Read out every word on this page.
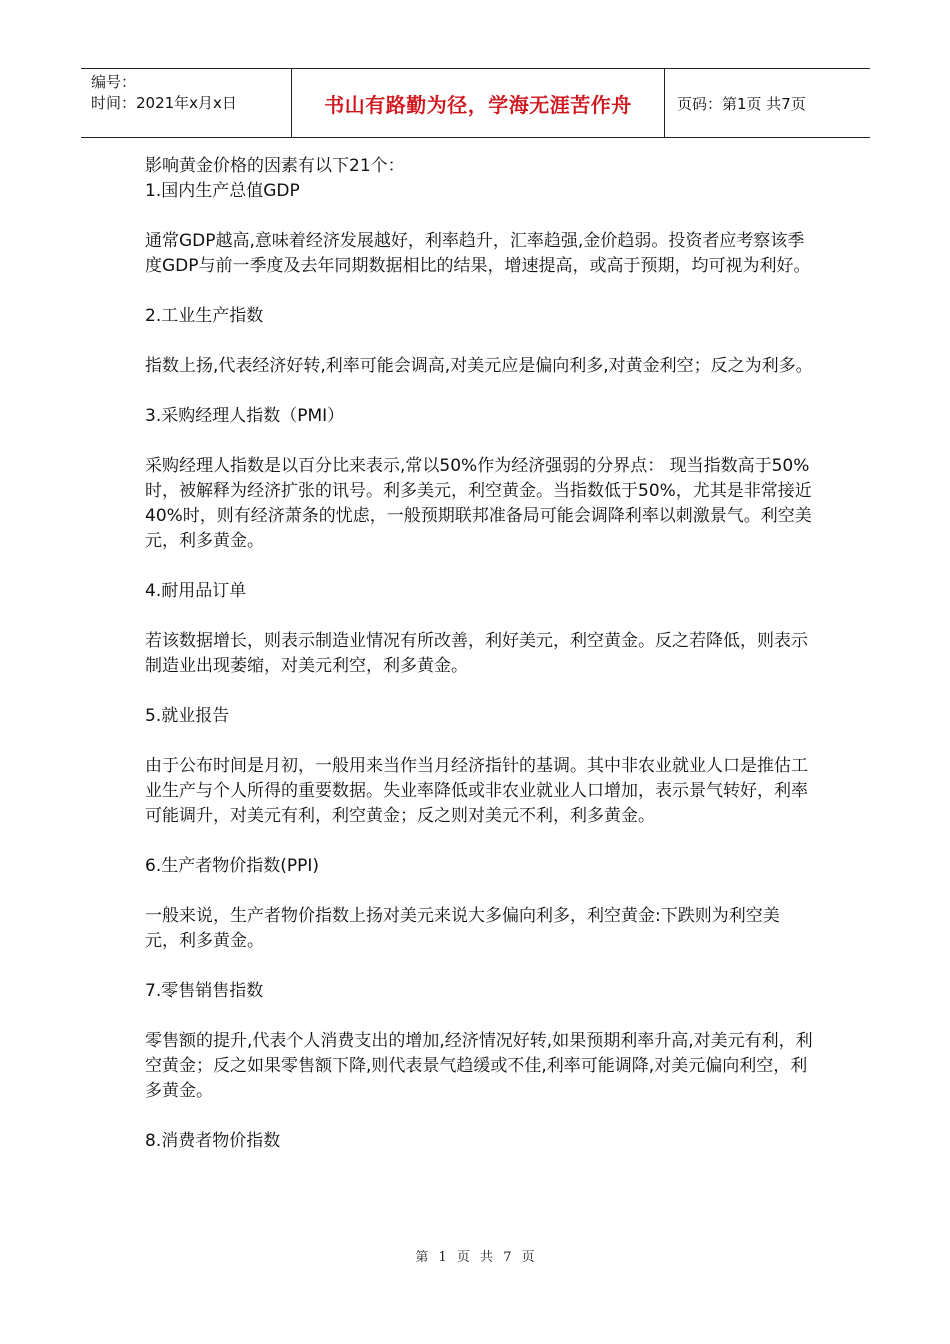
编号：
时间：2021年x月x日	书山有路勤为径，学海无涯苦作舟	页码：第1页 共7页

影响黄金价格的因素有以下21个：

1.国内生产总值GDP

通常GDP越高,意味着经济发展越好，利率趋升，汇率趋强,金价趋弱。投资者应考察该季度GDP与前一季度及去年同期数据相比的结果，增速提高，或高于预期，均可视为利好。

2.工业生产指数

指数上扬,代表经济好转,利率可能会调高,对美元应是偏向利多,对黄金利空；反之为利多。

3.采购经理人指数（PMI）

采购经理人指数是以百分比来表示,常以50%作为经济强弱的分界点： 现当指数高于50%时，被解释为经济扩张的讯号。利多美元，利空黄金。当指数低于50%，尤其是非常接近40%时，则有经济萧条的忧虑，一般预期联邦准备局可能会调降利率以刺激景气。利空美元，利多黄金。

4.耐用品订单

若该数据增长，则表示制造业情况有所改善，利好美元，利空黄金。反之若降低，则表示制造业出现萎缩，对美元利空，利多黄金。

5.就业报告

由于公布时间是月初，一般用来当作当月经济指针的基调。其中非农业就业人口是推估工业生产与个人所得的重要数据。失业率降低或非农业就业人口增加，表示景气转好，利率可能调升，对美元有利，利空黄金；反之则对美元不利，利多黄金。

6.生产者物价指数(PPI)

一般来说，生产者物价指数上扬对美元来说大多偏向利多，利空黄金:下跌则为利空美元，利多黄金。

7.零售销售指数

零售额的提升,代表个人消费支出的增加,经济情况好转,如果预期利率升高,对美元有利，利空黄金；反之如果零售额下降,则代表景气趋缓或不佳,利率可能调降,对美元偏向利空，利多黄金。

8.消费者物价指数

第 1 页 共 7 页
